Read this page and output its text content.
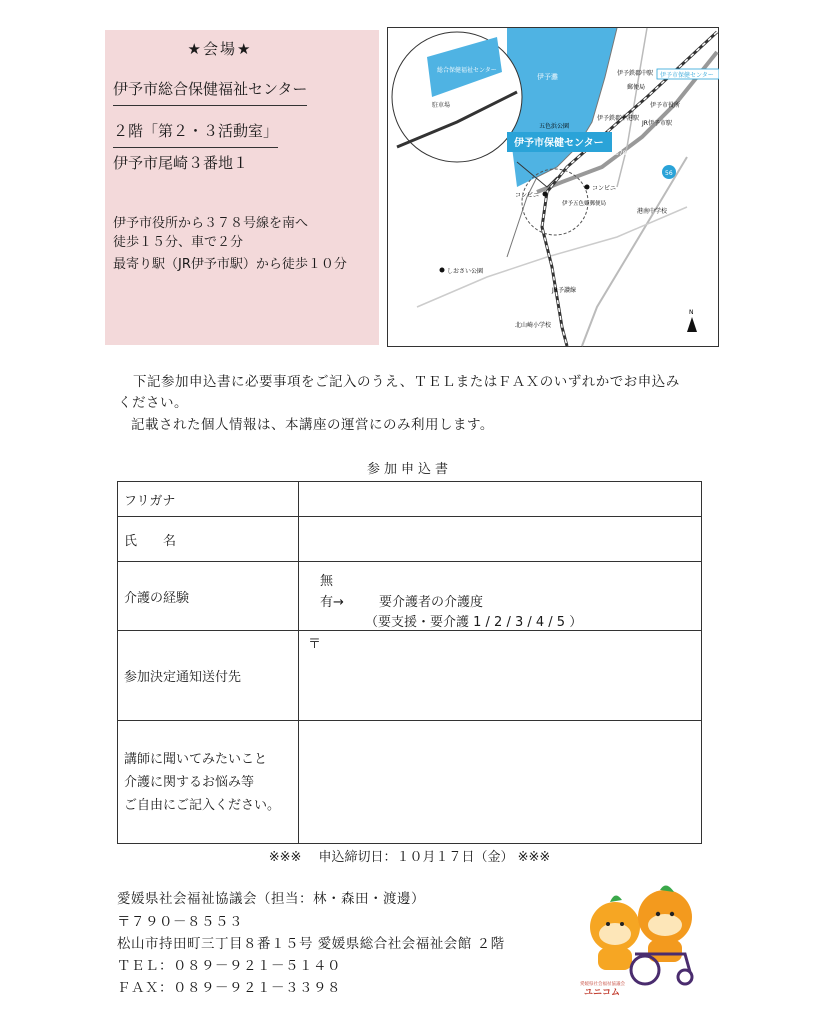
★会場★
伊予市総合保健福祉センター
２階「第２・３活動室」
伊予市尾崎３番地１
伊予市役所から３７８号線を南へ
徒歩１５分、車で２分
最寄り駅（JR伊予市駅）から徒歩１０分
伊予灘
総合保健福祉センター
駐車場
伊予市保健センター
伊予鉄郡中駅 伊予市保健センター
郵便局
伊予市役所
五色浜公園
伊予鉄郡中港駅
JR伊予市駅
378
56
コンビニ
コンビニ
伊予五色姫郵便局
港南中学校
しおさい公園
JR予讃線
北山崎小学校
N
下記参加申込書に必要事項をご記入のうえ、ＴＥＬまたはＦＡＸのいずれかでお申込み
ください。
記載された個人情報は、本講座の運営にのみ利用します。
参加申込書
フリガナ	
氏　　名	
介護の経験	無
有→ 要介護者の介護度
（要支援・要介護 1 / 2 / 3 / 4 / 5 ）

参加決定通知送付先	〒

講師に聞いてみたいこと
介護に関するお悩み等
ご自由にご記入ください。	

※※※　 申込締切日：１０月１７日（金） ※※※
愛媛県社会福祉協議会（担当：林・森田・渡邊）
〒７９０－８５５３
松山市持田町三丁目８番１５号 愛媛県総合社会福祉会館 ２階
ＴＥＬ：０８９－９２１－５１４０
ＦＡＸ：０８９－９２１－３３９８	愛媛県社会福祉協議会
ユニコム
